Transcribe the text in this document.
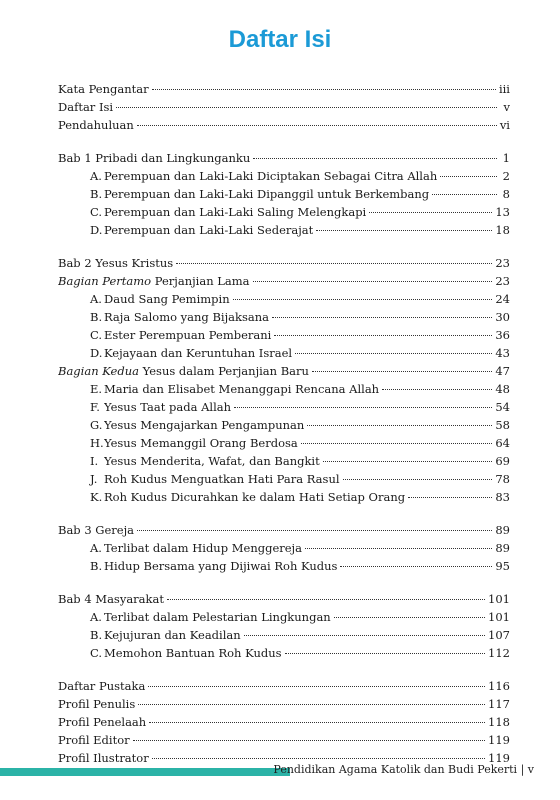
Daftar Isi
Kata Pengantar	iii
Daftar Isi	v
Pendahuluan	vi
Bab 1 Pribadi dan Lingkunganku	1
A. Perempuan dan Laki-Laki Diciptakan Sebagai Citra Allah	2
B. Perempuan dan Laki-Laki Dipanggil untuk Berkembang	8
C. Perempuan dan Laki-Laki Saling Melengkapi	13
D. Perempuan dan Laki-Laki Sederajat	18
Bab 2 Yesus Kristus	23
Bagian Pertamo Perjanjian Lama	23
A. Daud Sang Pemimpin	24
B. Raja Salomo yang Bijaksana	30
C. Ester Perempuan Pemberani	36
D. Kejayaan dan Keruntuhan Israel	43
Bagian Kedua Yesus dalam Perjanjian Baru	47
E. Maria dan Elisabet Menanggapi Rencana Allah	48
F. Yesus Taat pada Allah	54
G. Yesus Mengajarkan Pengampunan	58
H. Yesus Memanggil Orang Berdosa	64
I. Yesus Menderita, Wafat, dan Bangkit	69
J. Roh Kudus Menguatkan Hati Para Rasul	78
K. Roh Kudus Dicurahkan ke dalam Hati Setiap Orang	83
Bab 3 Gereja	89
A. Terlibat dalam Hidup Menggereja	89
B. Hidup Bersama yang Dijiwai Roh Kudus	95
Bab 4 Masyarakat	101
A. Terlibat dalam Pelestarian Lingkungan	101
B. Kejujuran dan Keadilan	107
C. Memohon Bantuan Roh Kudus	112
Daftar Pustaka	116
Profil Penulis	117
Profil Penelaah	118
Profil Editor	119
Profil Ilustrator	119
Pendidikan Agama Katolik dan Budi Pekerti | v
